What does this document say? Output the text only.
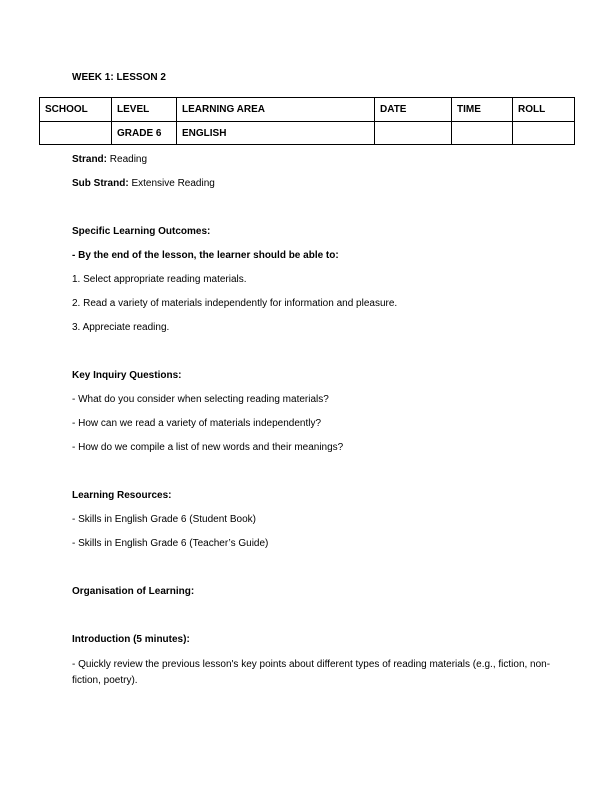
WEEK 1: LESSON 2
SCHOOL	LEVEL	LEARNING AREA	DATE	TIME	ROLL
	GRADE 6	ENGLISH			

Strand: Reading

Sub Strand: Extensive Reading

Specific Learning Outcomes:

- By the end of the lesson, the learner should be able to:

1. Select appropriate reading materials.

2. Read a variety of materials independently for information and pleasure.

3. Appreciate reading.

Key Inquiry Questions:

- What do you consider when selecting reading materials?

- How can we read a variety of materials independently?

- How do we compile a list of new words and their meanings?

Learning Resources:

- Skills in English Grade 6 (Student Book)

- Skills in English Grade 6 (Teacher’s Guide)

Organisation of Learning:

Introduction (5 minutes):

- Quickly review the previous lesson's key points about different types of reading materials (e.g., fiction, non-fiction, poetry).
